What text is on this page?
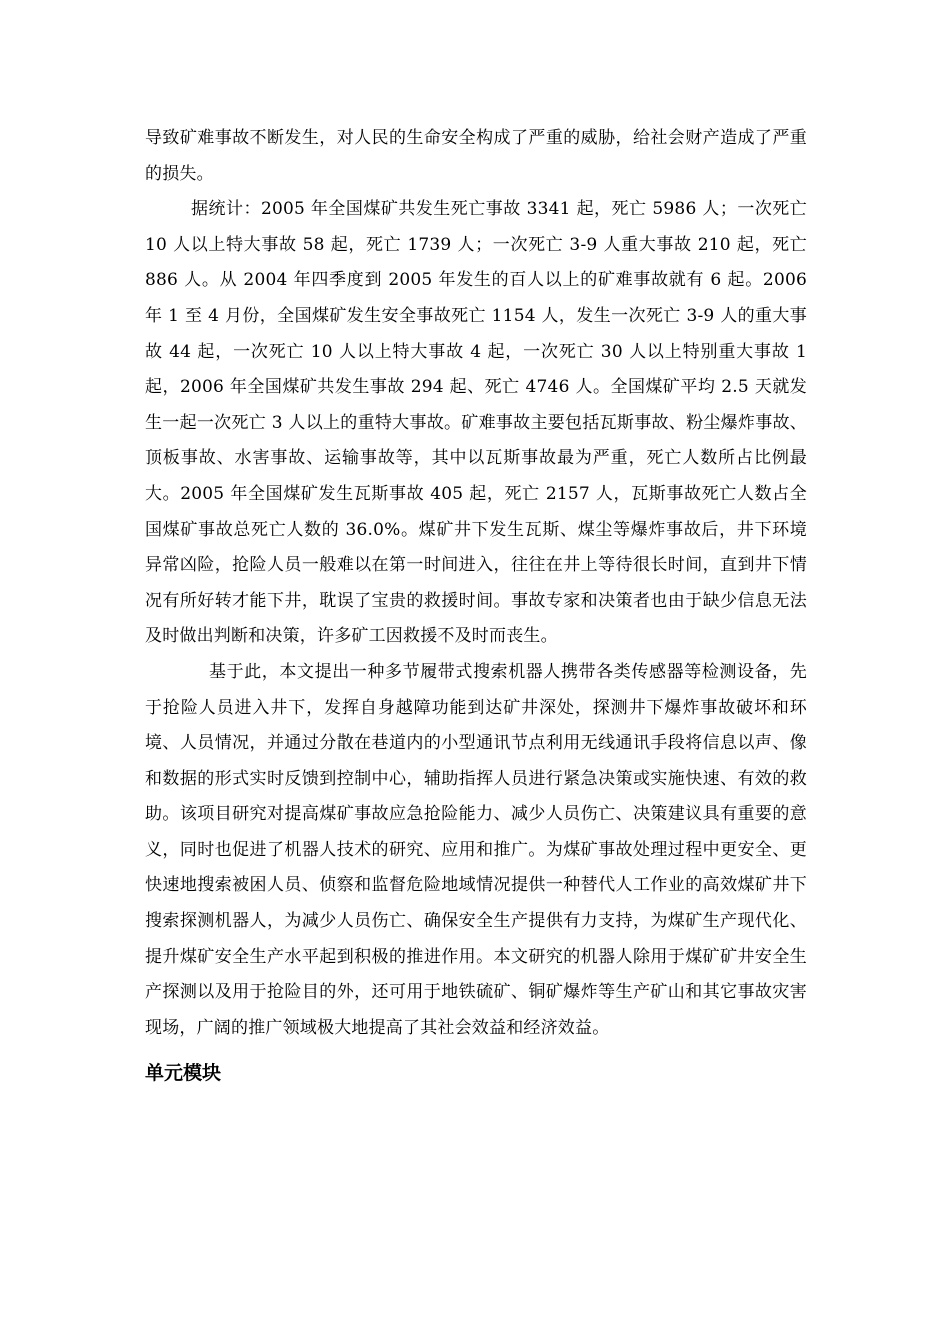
导致矿难事故不断发生，对人民的生命安全构成了严重的威胁，给社会财产造成了严重的损失。

据统计：2005 年全国煤矿共发生死亡事故 3341 起，死亡 5986 人；一次死亡 10 人以上特大事故 58 起，死亡 1739 人；一次死亡 3-9 人重大事故 210 起，死亡 886 人。从 2004 年四季度到 2005 年发生的百人以上的矿难事故就有 6 起。2006 年 1 至 4 月份，全国煤矿发生安全事故死亡 1154 人，发生一次死亡 3-9 人的重大事故 44 起，一次死亡 10 人以上特大事故 4 起，一次死亡 30 人以上特别重大事故 1 起，2006 年全国煤矿共发生事故 294 起、死亡 4746 人。全国煤矿平均 2.5 天就发生一起一次死亡 3 人以上的重特大事故。矿难事故主要包括瓦斯事故、粉尘爆炸事故、顶板事故、水害事故、运输事故等，其中以瓦斯事故最为严重，死亡人数所占比例最大。2005 年全国煤矿发生瓦斯事故 405 起，死亡 2157 人，瓦斯事故死亡人数占全国煤矿事故总死亡人数的 36.0%。煤矿井下发生瓦斯、煤尘等爆炸事故后，井下环境异常凶险，抢险人员一般难以在第一时间进入，往往在井上等待很长时间，直到井下情况有所好转才能下井，耽误了宝贵的救援时间。事故专家和决策者也由于缺少信息无法及时做出判断和决策，许多矿工因救援不及时而丧生。

基于此，本文提出一种多节履带式搜索机器人携带各类传感器等检测设备，先于抢险人员进入井下，发挥自身越障功能到达矿井深处，探测井下爆炸事故破坏和环境、人员情况，并通过分散在巷道内的小型通讯节点利用无线通讯手段将信息以声、像和数据的形式实时反馈到控制中心，辅助指挥人员进行紧急决策或实施快速、有效的救助。该项目研究对提高煤矿事故应急抢险能力、减少人员伤亡、决策建议具有重要的意义，同时也促进了机器人技术的研究、应用和推广。为煤矿事故处理过程中更安全、更快速地搜索被困人员、侦察和监督危险地域情况提供一种替代人工作业的高效煤矿井下搜索探测机器人，为减少人员伤亡、确保安全生产提供有力支持，为煤矿生产现代化、提升煤矿安全生产水平起到积极的推进作用。本文研究的机器人除用于煤矿矿井安全生产探测以及用于抢险目的外，还可用于地铁硫矿、铜矿爆炸等生产矿山和其它事故灾害现场，广阔的推广领域极大地提高了其社会效益和经济效益。

单元模块
